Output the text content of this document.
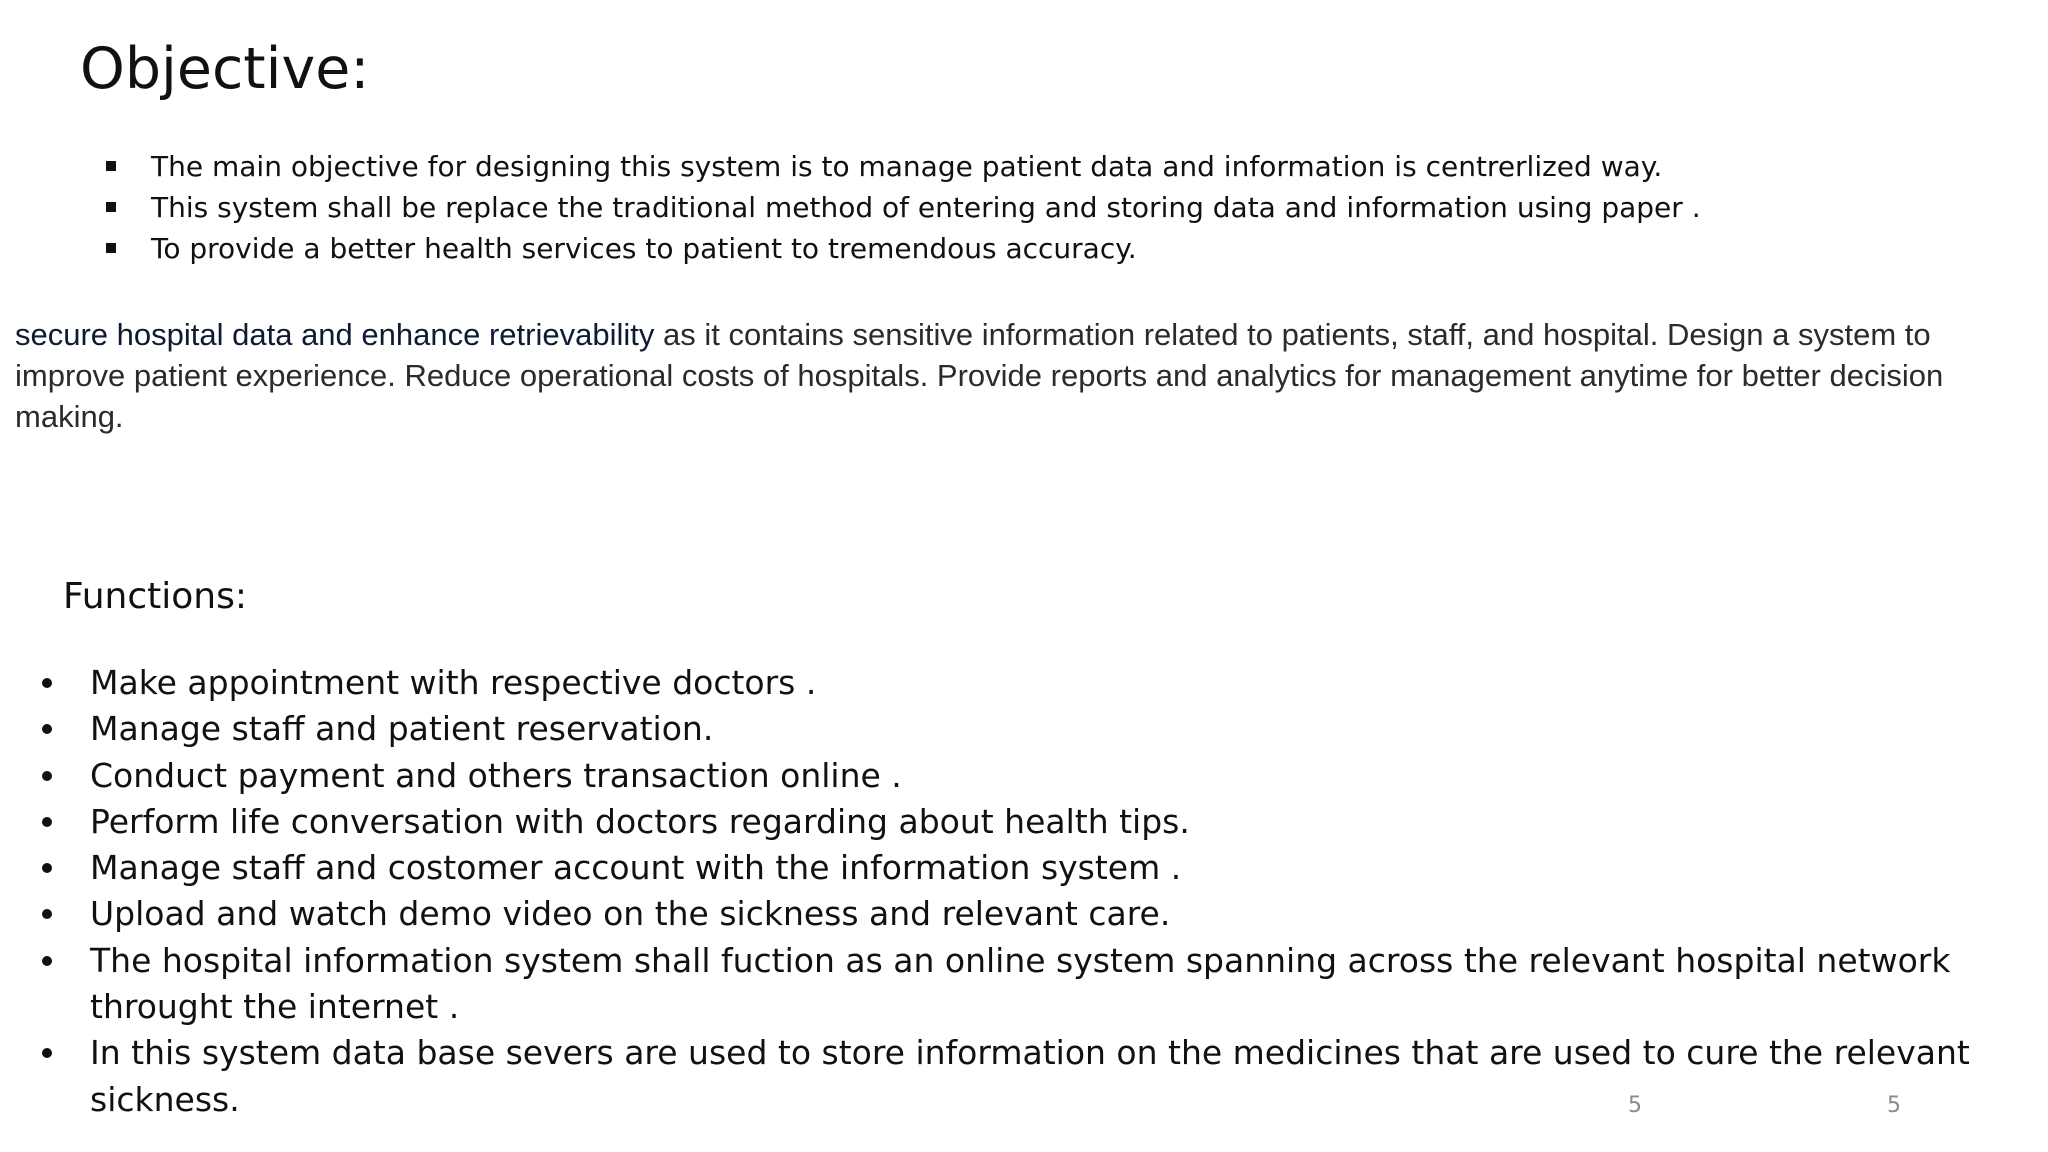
Objective:
The main objective for designing this system is to manage patient data and information is centrerlized way.
This system shall be replace the traditional method of entering and storing data and information using paper .
To provide a better health services to patient to tremendous accuracy.

secure hospital data and enhance retrievability as it contains sensitive information related to patients, staff, and hospital. Design a system to improve patient experience. Reduce operational costs of hospitals. Provide reports and analytics for management anytime for better decision making.

Functions:
Make appointment with respective doctors .
Manage staff and patient reservation.
Conduct payment and others transaction online .
Perform life conversation with doctors regarding about health tips.
Manage staff and costomer account with the information system .
Upload and watch demo video on the sickness and relevant care.
The hospital information system shall fuction as an online system spanning across the relevant hospital network throught the internet .
In this system data base severs are used to store information on the medicines that are used to cure the relevant sickness.	5	5
